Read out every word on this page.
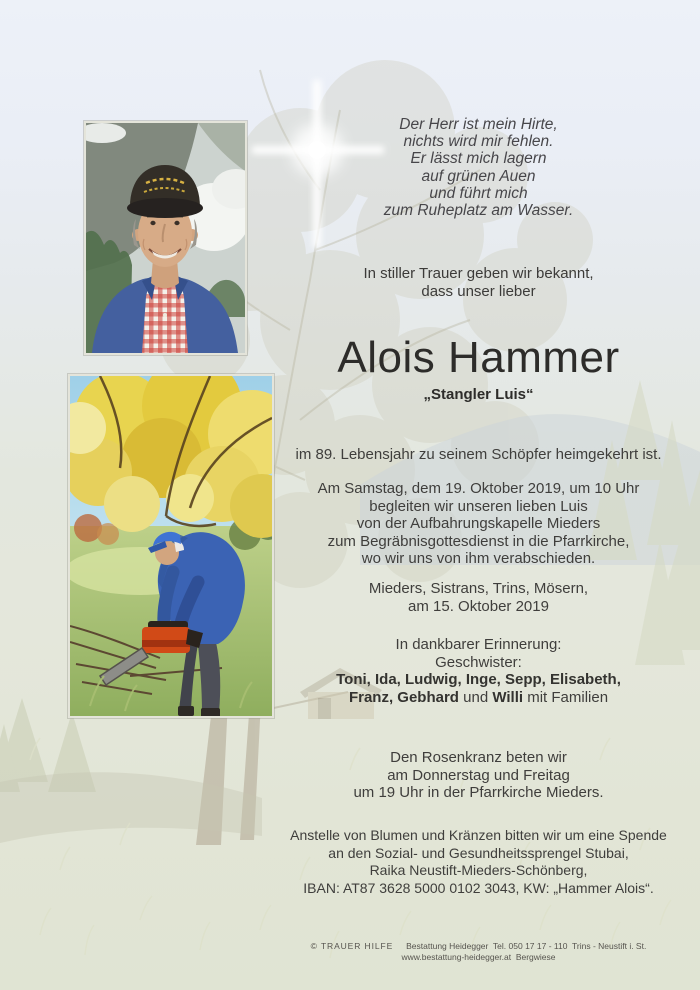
Der Herr ist mein Hirte,
nichts wird mir fehlen.
Er lässt mich lagern
auf grünen Auen
und führt mich
zum Ruheplatz am Wasser.
In stiller Trauer geben wir bekannt,
dass unser lieber
Alois Hammer
„Stangler Luis“
im 89. Lebensjahr zu seinem Schöpfer heimgekehrt ist.
Am Samstag, dem 19. Oktober 2019, um 10 Uhr
begleiten wir unseren lieben Luis
von der Aufbahrungskapelle Mieders
zum Begräbnisgottesdienst in die Pfarrkirche,
wo wir uns von ihm verabschieden.
Mieders, Sistrans, Trins, Mösern,
am 15. Oktober 2019
In dankbarer Erinnerung:
Geschwister:
Toni, Ida, Ludwig, Inge, Sepp, Elisabeth,
Franz, Gebhard und Willi mit Familien
Den Rosenkranz beten wir
am Donnerstag und Freitag
um 19 Uhr in der Pfarrkirche Mieders.
Anstelle von Blumen und Kränzen bitten wir um eine Spende
an den Sozial- und Gesundheitssprengel Stubai,
Raika Neustift-Mieders-Schönberg,
IBAN: AT87 3628 5000 0102 3043, KW: „Hammer Alois“.
© TRAUER HILFE Bestattung Heidegger  Tel. 050 17 17 - 110  Trins - Neustift i. St.
www.bestattung-heidegger.at  Bergwiese
